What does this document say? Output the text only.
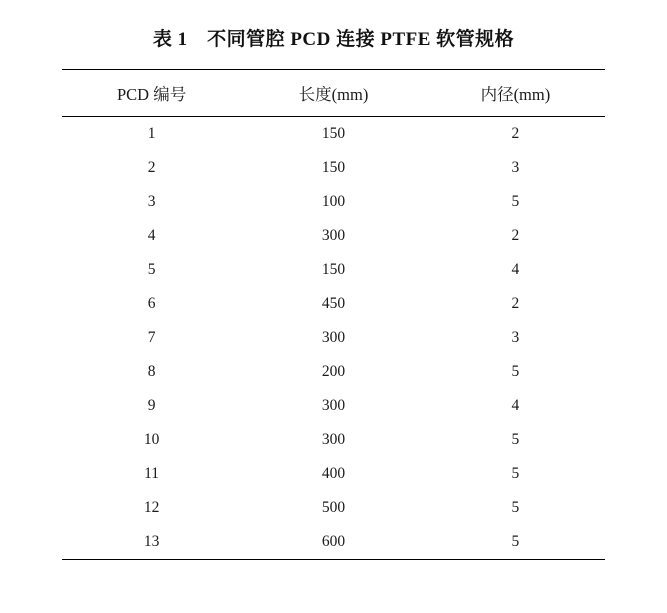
表 1　不同管腔 PCD 连接 PTFE 软管规格
PCD 编号	长度(mm)	内径(mm)
1	150	2
2	150	3
3	100	5
4	300	2
5	150	4
6	450	2
7	300	3
8	200	5
9	300	4
10	300	5
11	400	5
12	500	5
13	600	5
